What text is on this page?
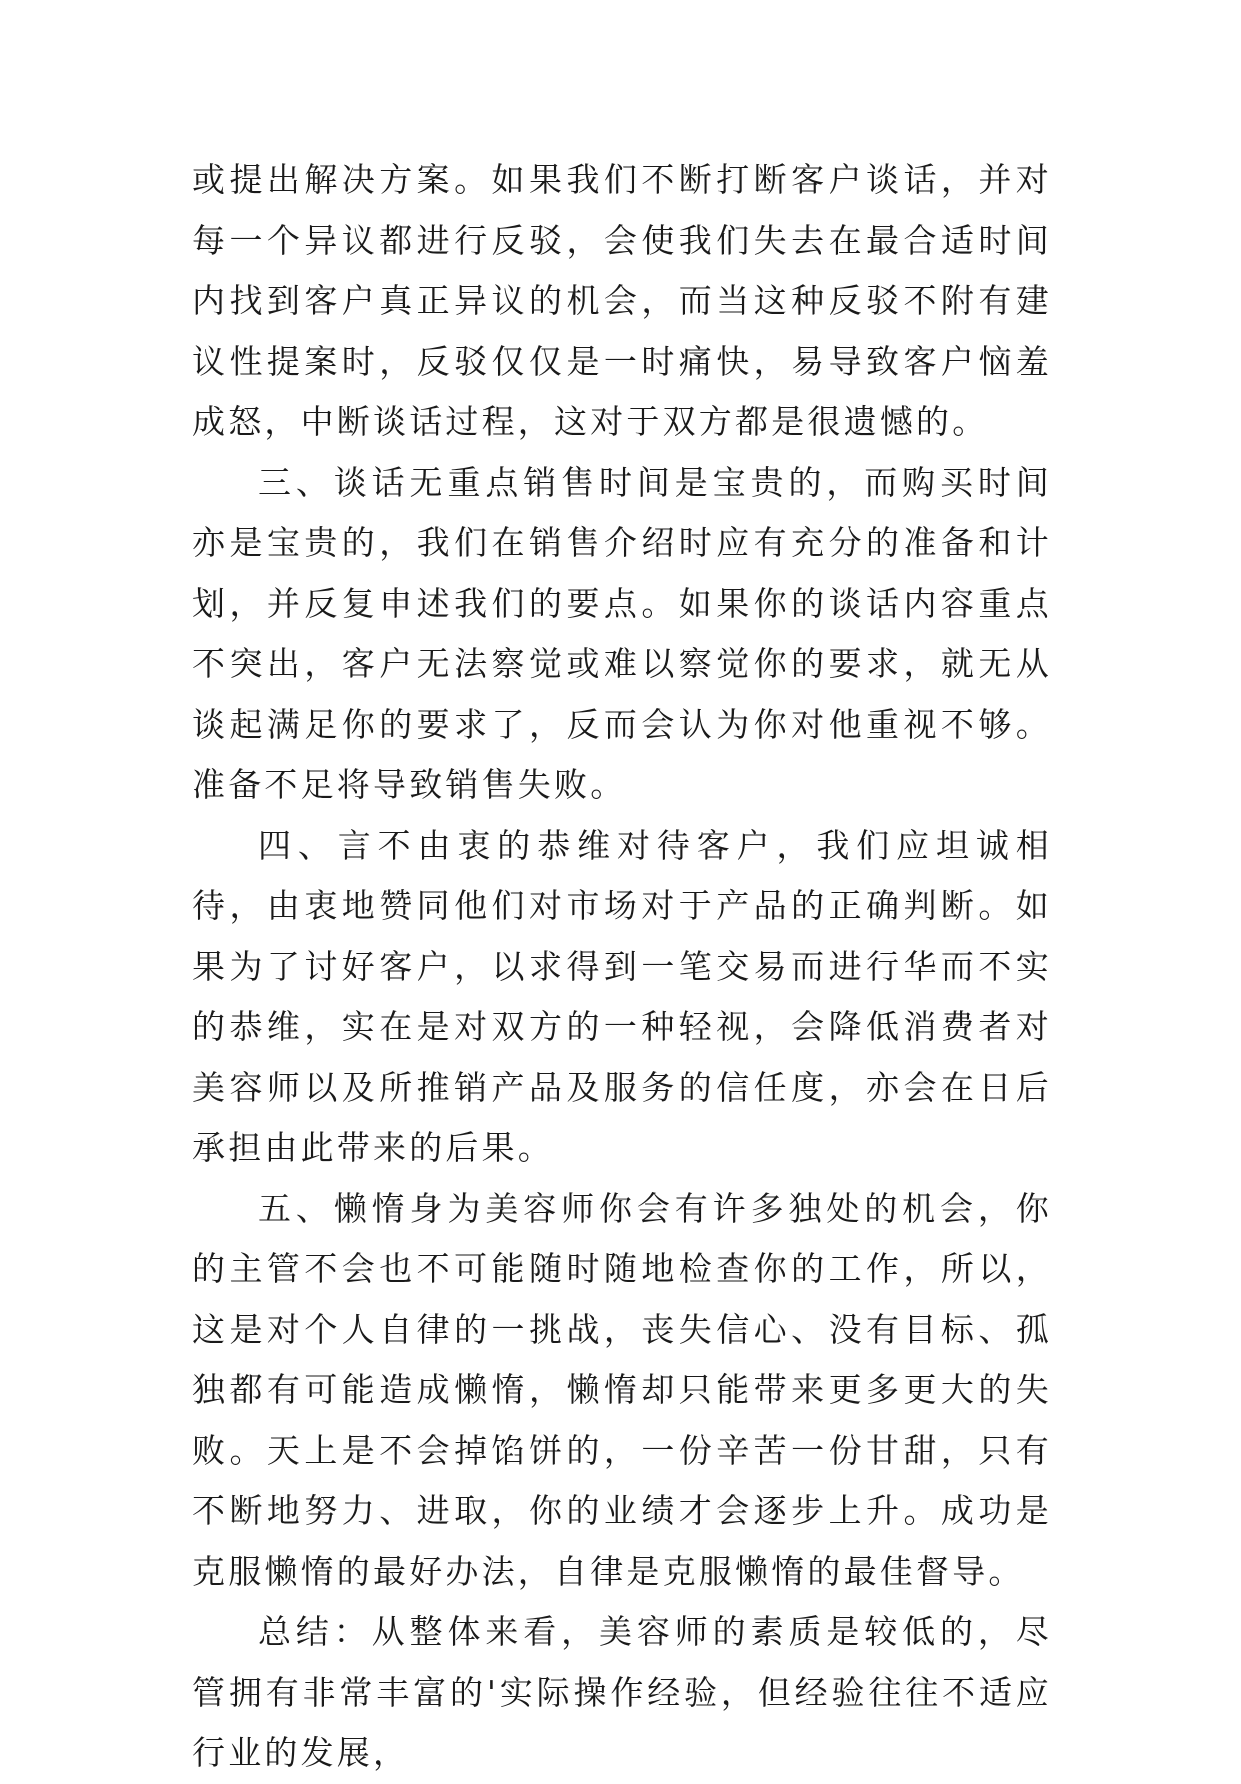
或提出解决方案。如果我们不断打断客户谈话，并对每一个异议都进行反驳，会使我们失去在最合适时间内找到客户真正异议的机会，而当这种反驳不附有建议性提案时，反驳仅仅是一时痛快，易导致客户恼羞成怒，中断谈话过程，这对于双方都是很遗憾的。

三、谈话无重点销售时间是宝贵的，而购买时间亦是宝贵的，我们在销售介绍时应有充分的准备和计划，并反复申述我们的要点。如果你的谈话内容重点不突出，客户无法察觉或难以察觉你的要求，就无从谈起满足你的要求了，反而会认为你对他重视不够。准备不足将导致销售失败。

四、言不由衷的恭维对待客户，我们应坦诚相待，由衷地赞同他们对市场对于产品的正确判断。如果为了讨好客户，以求得到一笔交易而进行华而不实的恭维，实在是对双方的一种轻视，会降低消费者对美容师以及所推销产品及服务的信任度，亦会在日后承担由此带来的后果。

五、懒惰身为美容师你会有许多独处的机会，你的主管不会也不可能随时随地检查你的工作，所以，这是对个人自律的一挑战，丧失信心、没有目标、孤独都有可能造成懒惰，懒惰却只能带来更多更大的失败。天上是不会掉馅饼的，一份辛苦一份甘甜，只有不断地努力、进取，你的业绩才会逐步上升。成功是克服懒惰的最好办法，自律是克服懒惰的最佳督导。

总结：从整体来看，美容师的素质是较低的，尽管拥有非常丰富的'实际操作经验，但经验往往不适应行业的发展，
